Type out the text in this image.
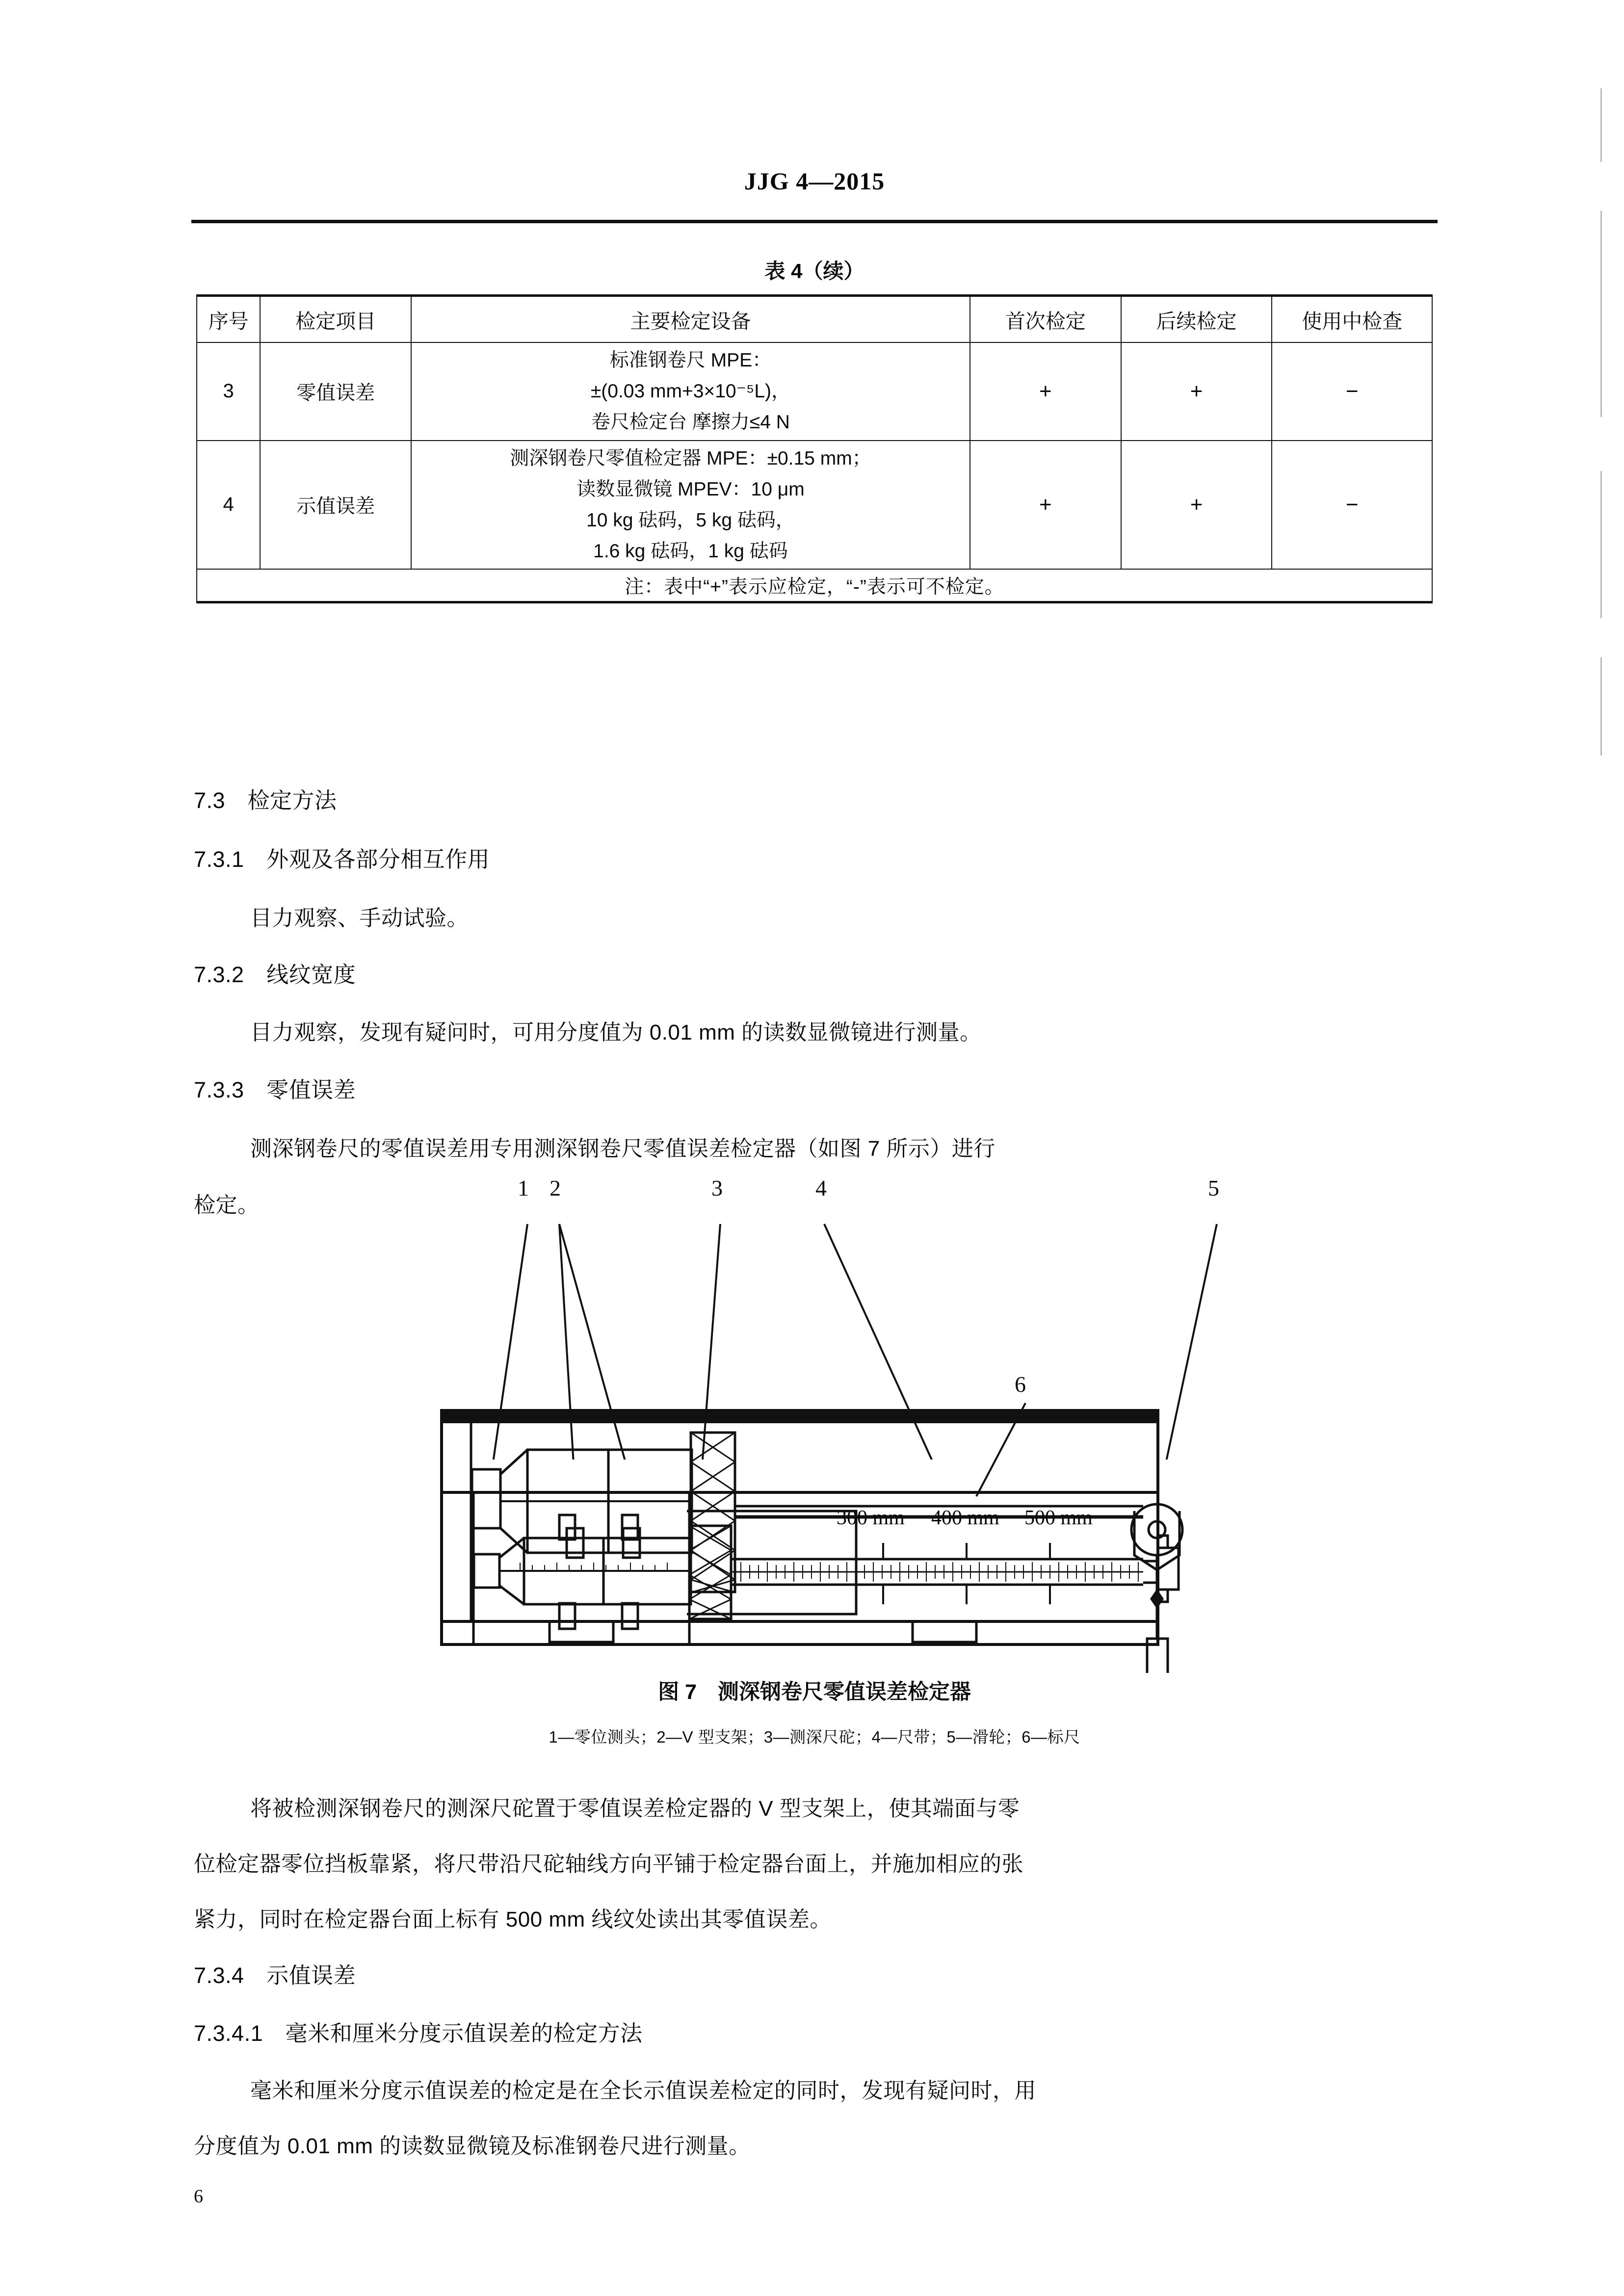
JJG 4—2015
表 4（续）
序号	检定项目	主要检定设备	首次检定	后续检定	使用中检查
3	零值误差	标准钢卷尺 MPE：
±(0.03 mm+3×10⁻⁵L)，
卷尺检定台 摩擦力≤4 N	+	+	−
4	示值误差	测深钢卷尺零值检定器 MPE：±0.15 mm；
读数显微镜 MPEV：10 μm
10 kg 砝码，5 kg 砝码，
1.6 kg 砝码，1 kg 砝码	+	+	−
注：表中“+”表示应检定，“-”表示可不检定。					
7.3　检定方法
7.3.1　外观及各部分相互作用
目力观察、手动试验。
7.3.2　线纹宽度
目力观察，发现有疑问时，可用分度值为 0.01 mm 的读数显微镜进行测量。
7.3.3　零值误差
测深钢卷尺的零值误差用专用测深钢卷尺零值误差检定器（如图 7 所示）进行
检定。
1 2	3	4	5
6
300 mm 400 mm 500 mm
图 7　测深钢卷尺零值误差检定器
1—零位测头；2—V 型支架；3—测深尺砣；4—尺带；5—滑轮；6—标尺
将被检测深钢卷尺的测深尺砣置于零值误差检定器的 V 型支架上，使其端面与零
位检定器零位挡板靠紧，将尺带沿尺砣轴线方向平铺于检定器台面上，并施加相应的张
紧力，同时在检定器台面上标有 500 mm 线纹处读出其零值误差。
7.3.4　示值误差
7.3.4.1　毫米和厘米分度示值误差的检定方法
毫米和厘米分度示值误差的检定是在全长示值误差检定的同时，发现有疑问时，用
分度值为 0.01 mm 的读数显微镜及标准钢卷尺进行测量。
6
